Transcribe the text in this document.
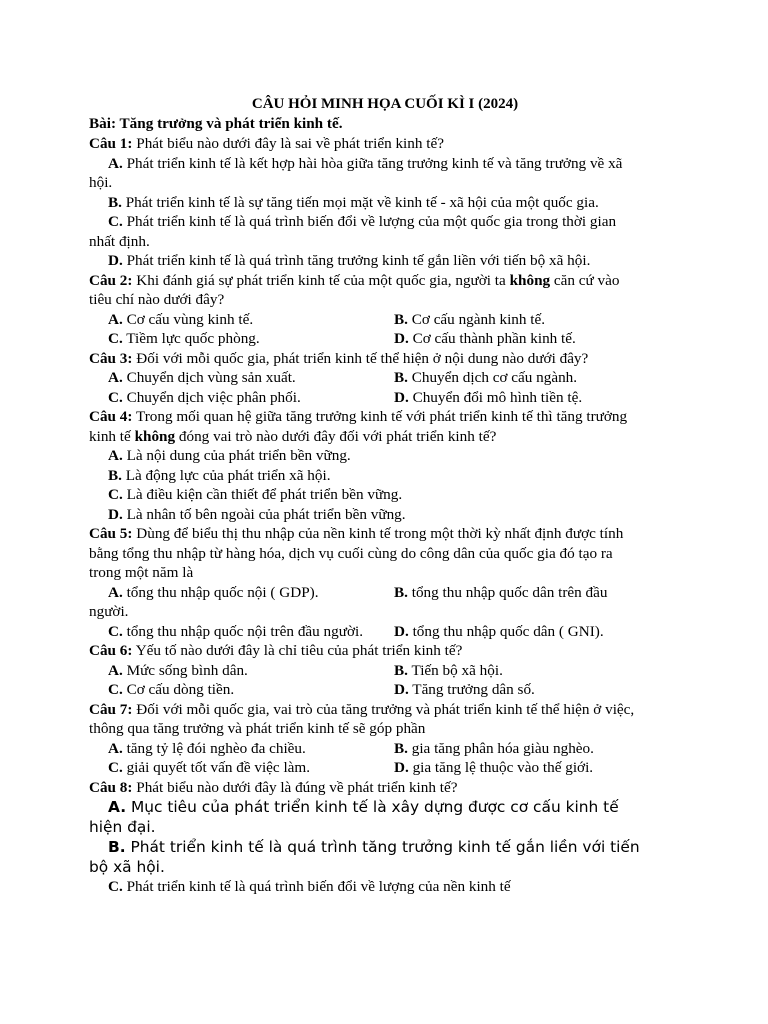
CÂU HỎI MINH HỌA CUỐI KÌ I (2024)
Bài: Tăng trưởng và phát triển kinh tế.
Câu 1: Phát biểu nào dưới đây là sai về phát triển kinh tế?
A. Phát triển kinh tế là kết hợp hài hòa giữa tăng trưởng kinh tế và tăng trưởng về xã
hội.
B. Phát triển kinh tế là sự tăng tiến mọi mặt về kinh tế - xã hội của một quốc gia.
C. Phát triển kinh tế là quá trình biến đổi về lượng của một quốc gia trong thời gian
nhất định.
D. Phát triển kinh tế là quá trình tăng trưởng kinh tế gắn liền với tiến bộ xã hội.
Câu 2: Khi đánh giá sự phát triển kinh tế của một quốc gia, người ta không căn cứ vào
tiêu chí nào dưới đây?
A. Cơ cấu vùng kinh tế.	B. Cơ cấu ngành kinh tế.
C. Tiềm lực quốc phòng.	D. Cơ cấu thành phần kinh tế.
Câu 3: Đối với mỗi quốc gia, phát triển kinh tế thể hiện ở nội dung nào dưới đây?
A. Chuyển dịch vùng sản xuất.	B. Chuyển dịch cơ cấu ngành.
C. Chuyển dịch việc phân phối.	D. Chuyển đổi mô hình tiền tệ.
Câu 4: Trong mối quan hệ giữa tăng trưởng kinh tế với phát triển kinh tế thì tăng trưởng
kinh tế không đóng vai trò nào dưới đây đối với phát triển kinh tế?
A. Là nội dung của phát triển bền vững.
B. Là động lực của phát triển xã hội.
C. Là điều kiện cần thiết để phát triển bền vững.
D. Là nhân tố bên ngoài của phát triển bền vững.
Câu 5: Dùng để biểu thị thu nhập của nền kinh tế trong một thời kỳ nhất định được tính
bằng tổng thu nhập từ hàng hóa, dịch vụ cuối cùng do công dân của quốc gia đó tạo ra
trong một năm là
A. tổng thu nhập quốc nội ( GDP).	B. tổng thu nhập quốc dân trên đầu
người.
C. tổng thu nhập quốc nội trên đầu người.	D. tổng thu nhập quốc dân ( GNI).
Câu 6: Yếu tố nào dưới đây là chỉ tiêu của phát triển kinh tế?
A. Mức sống bình dân.	B. Tiến bộ xã hội.
C. Cơ cấu dòng tiền.	D. Tăng trưởng dân số.
Câu 7: Đối với mỗi quốc gia, vai trò của tăng trưởng và phát triển kinh tế thể hiện ở việc,
thông qua tăng trưởng và phát triển kinh tế sẽ góp phần
A. tăng tỷ lệ đói nghèo đa chiều.	B. gia tăng phân hóa giàu nghèo.
C. giải quyết tốt vấn đề việc làm.	D. gia tăng lệ thuộc vào thế giới.
Câu 8: Phát biểu nào dưới đây là đúng về phát triển kinh tế?
A. Mục tiêu của phát triển kinh tế là xây dựng được cơ cấu kinh tế
hiện đại.
B. Phát triển kinh tế là quá trình tăng trưởng kinh tế gắn liền với tiến
bộ xã hội.
C. Phát triển kinh tế là quá trình biến đổi về lượng của nền kinh tế
